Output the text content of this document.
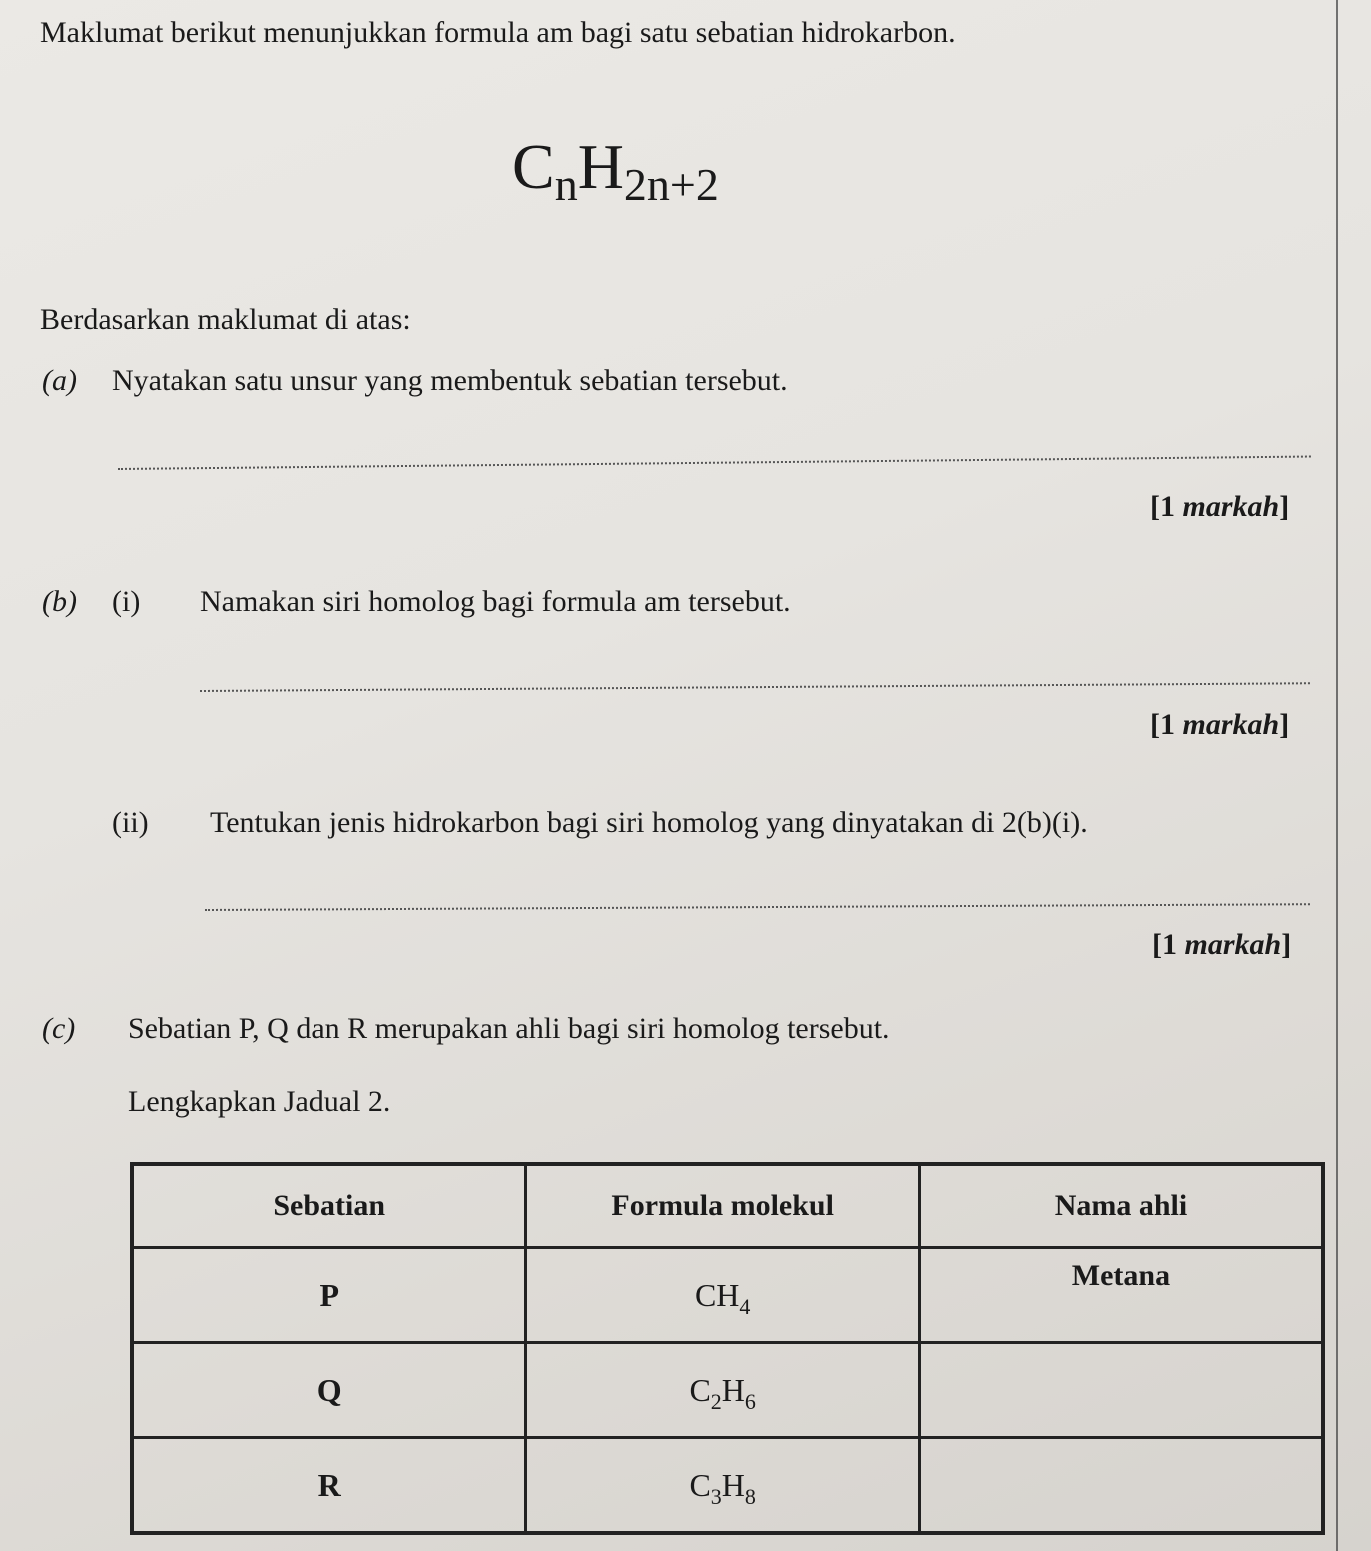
Maklumat berikut menunjukkan formula am bagi satu sebatian hidrokarbon.
$C_nH_{2n+2}$
Berdasarkan maklumat di atas:
(a) Nyatakan satu unsur yang membentuk sebatian tersebut.
[1 markah]
(b) (i) Namakan siri homolog bagi formula am tersebut.
[1 markah]
(ii) Tentukan jenis hidrokarbon bagi siri homolog yang dinyatakan di 2(b)(i).
[1 markah]
(c) Sebatian P, Q dan R merupakan ahli bagi siri homolog tersebut.
Lengkapkan Jadual 2.
Sebatian	Formula molekul	Nama ahli
P	$CH_4$	Metana
Q	$C_2H_6$	
R	$C_3H_8$	
